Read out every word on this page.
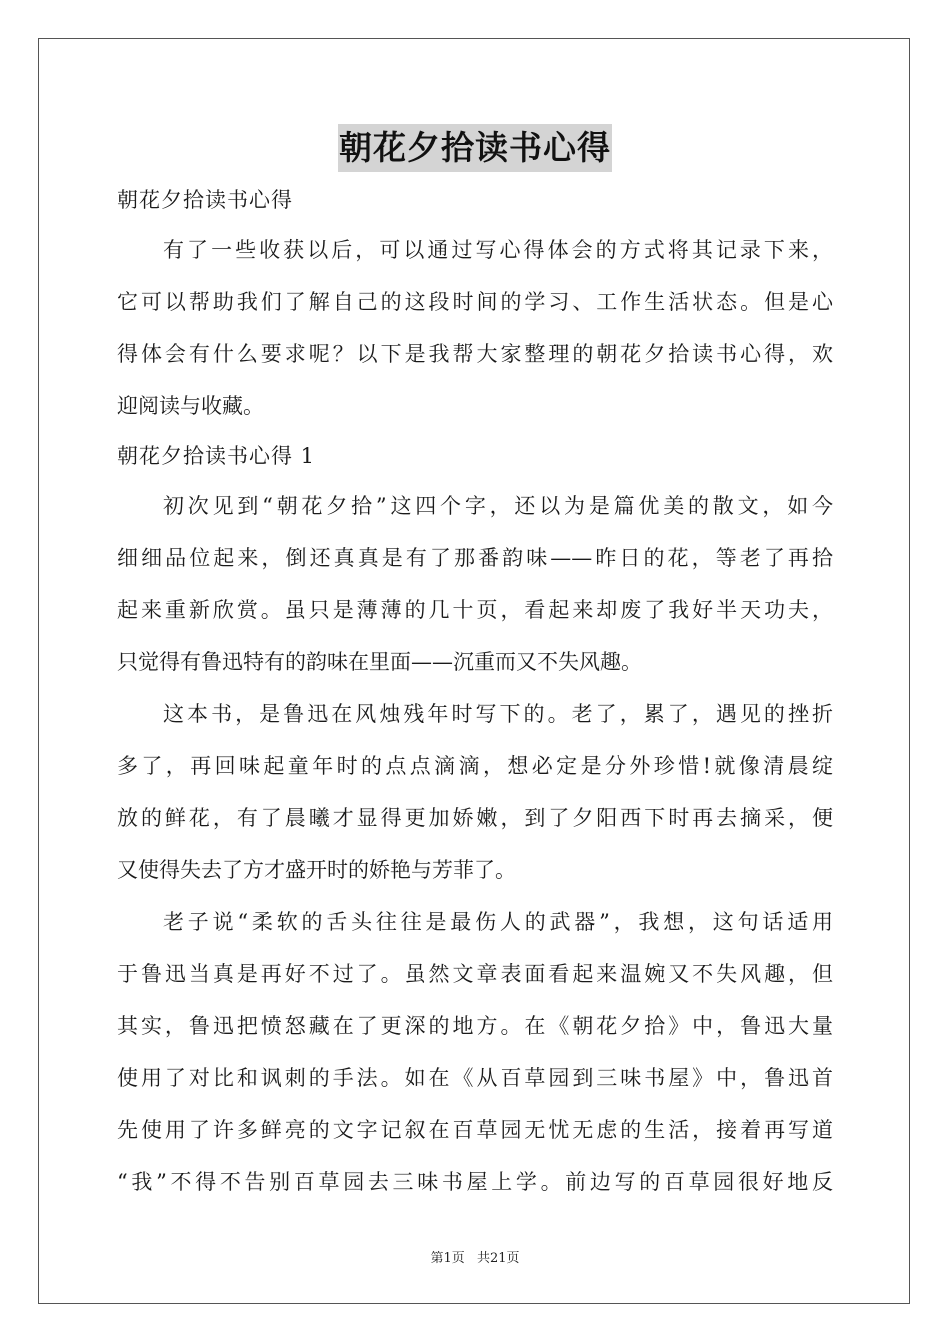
朝花夕拾读书心得

朝花夕拾读书心得

有了一些收获以后，可以通过写心得体会的方式将其记录下来，
它可以帮助我们了解自己的这段时间的学习、工作生活状态。但是心
得体会有什么要求呢？以下是我帮大家整理的朝花夕拾读书心得，欢
迎阅读与收藏。

朝花夕拾读书心得 1

初次见到“朝花夕拾”这四个字，还以为是篇优美的散文，如今
细细品位起来，倒还真真是有了那番韵味——昨日的花，等老了再拾
起来重新欣赏。虽只是薄薄的几十页，看起来却废了我好半天功夫，
只觉得有鲁迅特有的韵味在里面——沉重而又不失风趣。
这本书，是鲁迅在风烛残年时写下的。老了，累了，遇见的挫折
多了，再回味起童年时的点点滴滴，想必定是分外珍惜!就像清晨绽
放的鲜花，有了晨曦才显得更加娇嫩，到了夕阳西下时再去摘采，便
又使得失去了方才盛开时的娇艳与芳菲了。
老子说“柔软的舌头往往是最伤人的武器”，我想，这句话适用
于鲁迅当真是再好不过了。虽然文章表面看起来温婉又不失风趣，但
其实，鲁迅把愤怒藏在了更深的地方。在《朝花夕拾》中，鲁迅大量
使用了对比和讽刺的手法。如在《从百草园到三味书屋》中，鲁迅首
先使用了许多鲜亮的文字记叙在百草园无忧无虑的生活，接着再写道
“我”不得不告别百草园去三味书屋上学。前边写的百草园很好地反
第1页 共21页
